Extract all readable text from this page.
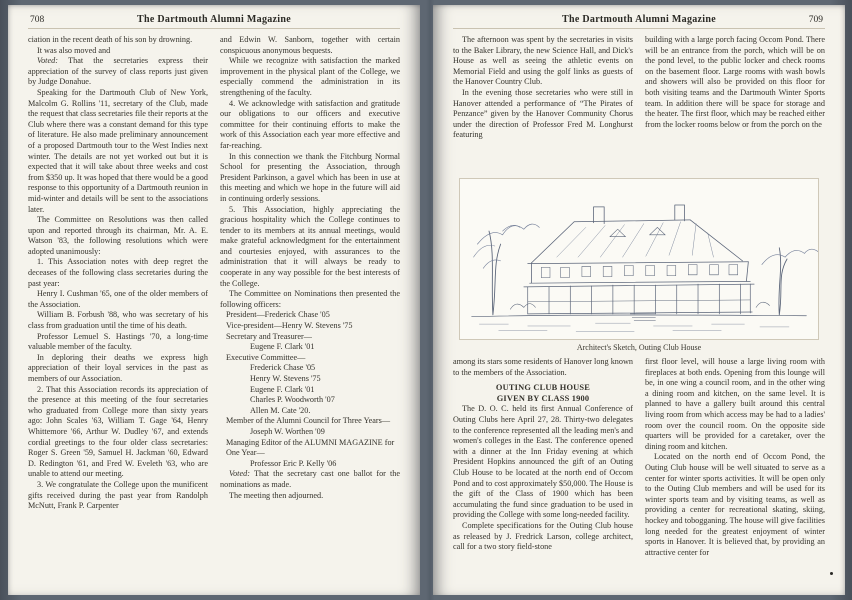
708	The Dartmouth Alumni Magazine

ciation in the recent death of his son by drowning.

It was also moved and

Voted: That the secretaries express their appreciation of the survey of class reports just given by Judge Donahue.

Speaking for the Dartmouth Club of New York, Malcolm G. Rollins '11, secretary of the Club, made the request that class secretaries file their reports at the Club where there was a constant demand for this type of literature. He also made preliminary announcement of a proposed Dartmouth tour to the West Indies next winter. The details are not yet worked out but it is expected that it will take about three weeks and cost from $350 up. It was hoped that there would be a good response to this opportunity of a Dartmouth reunion in mid-winter and details will be sent to the associations later.

The Committee on Resolutions was then called upon and reported through its chairman, Mr. A. E. Watson '83, the following resolutions which were adopted unanimously:

1. This Association notes with deep regret the deceases of the following class secretaries during the past year:

Henry I. Cushman '65, one of the older members of the Association.

William B. Forbush '88, who was secretary of his class from graduation until the time of his death.

Professor Lemuel S. Hastings '70, a long-time valuable member of the faculty.

In deploring their deaths we express high appreciation of their loyal services in the past as members of our Association.

2. That this Association records its appreciation of the presence at this meeting of the four secretaries who graduated from College more than sixty years ago: John Scales '63, William T. Gage '64, Henry Whittemore '66, Arthur W. Dudley '67, and extends cordial greetings to the four older class secretaries: Roger S. Green '59, Samuel H. Jackman '60, Edward D. Redington '61, and Fred W. Eveleth '63, who are unable to attend our meeting.

3. We congratulate the College upon the munificent gifts received during the past year from Randolph McNutt, Frank P. Carpenter

and Edwin W. Sanborn, together with certain conspicuous anonymous bequests.

While we recognize with satisfaction the marked improvement in the physical plant of the College, we especially commend the administration in its strengthening of the faculty.

4. We acknowledge with satisfaction and gratitude our obligations to our officers and executive committee for their continuing efforts to make the work of this Association each year more effective and far-reaching.

In this connection we thank the Fitchburg Normal School for presenting the Association, through President Parkinson, a gavel which has been in use at this meeting and which we hope in the future will aid in continuing orderly sessions.

5. This Association, highly appreciating the gracious hospitality which the College continues to tender to its members at its annual meetings, would make grateful acknowledgment for the entertainment and courtesies enjoyed, with assurances to the administration that it will always be ready to cooperate in any way possible for the best interests of the College.

The Committee on Nominations then presented the following officers:

President—Frederick Chase '05

Vice-president—Henry W. Stevens '75

Secretary and Treasurer—

Eugene F. Clark '01

Executive Committee—

Frederick Chase '05

Henry W. Stevens '75

Eugene F. Clark '01

Charles P. Woodworth '07

Allen M. Cate '20.

Member of the Alumni Council for Three Years—

Joseph W. Worthen '09

Managing Editor of the ALUMNI MAGAZINE for One Year—

Professor Eric P. Kelly '06

Voted: That the secretary cast one ballot for the nominations as made.

The meeting then adjourned.

The Dartmouth Alumni Magazine	709

The afternoon was spent by the secretaries in visits to the Baker Library, the new Science Hall, and Dick's House as well as seeing the athletic events on Memorial Field and using the golf links as guests of the Hanover Country Club.

In the evening those secretaries who were still in Hanover attended a performance of “The Pirates of Penzance” given by the Hanover Community Chorus under the direction of Professor Fred M. Longhurst featuring

building with a large porch facing Occom Pond. There will be an entrance from the porch, which will be on the pond level, to the public locker and check rooms on the basement floor. Large rooms with wash bowls and showers will also be provided on this floor for both visiting teams and the Dartmouth Winter Sports team. In addition there will be space for storage and the heater. The first floor, which may be reached either from the locker rooms below or from the porch on the

Architect's Sketch, Outing Club House

among its stars some residents of Hanover long known to the members of the Association.

OUTING CLUB HOUSE

GIVEN BY CLASS 1900

The D. O. C. held its first Annual Conference of Outing Clubs here April 27, 28. Thirty-two delegates to the conference represented all the leading men's and women's colleges in the East. The conference opened with a dinner at the Inn Friday evening at which President Hopkins announced the gift of an Outing Club House to be located at the north end of Occom Pond and to cost approximately $50,000. The House is the gift of the Class of 1900 which has been accumulating the fund since graduation to be used in providing the College with some long-needed facility.

Complete specifications for the Outing Club house as released by J. Fredrick Larson, college architect, call for a two story field-stone

first floor level, will house a large living room with fireplaces at both ends. Opening from this lounge will be, in one wing a council room, and in the other wing a dining room and kitchen, on the same level. It is planned to have a gallery built around this central living room from which access may be had to a ladies' room over the council room. On the opposite side quarters will be provided for a caretaker, over the dining room and kitchen.

Located on the north end of Occom Pond, the Outing Club house will be well situated to serve as a center for winter sports activities. It will be open only to the Outing Club members and will be used for its winter sports team and by visiting teams, as well as providing a center for recreational skating, skiing, hockey and tobogganing. The house will give facilities long needed for the greatest enjoyment of winter sports in Hanover. It is believed that, by providing an attractive center for
